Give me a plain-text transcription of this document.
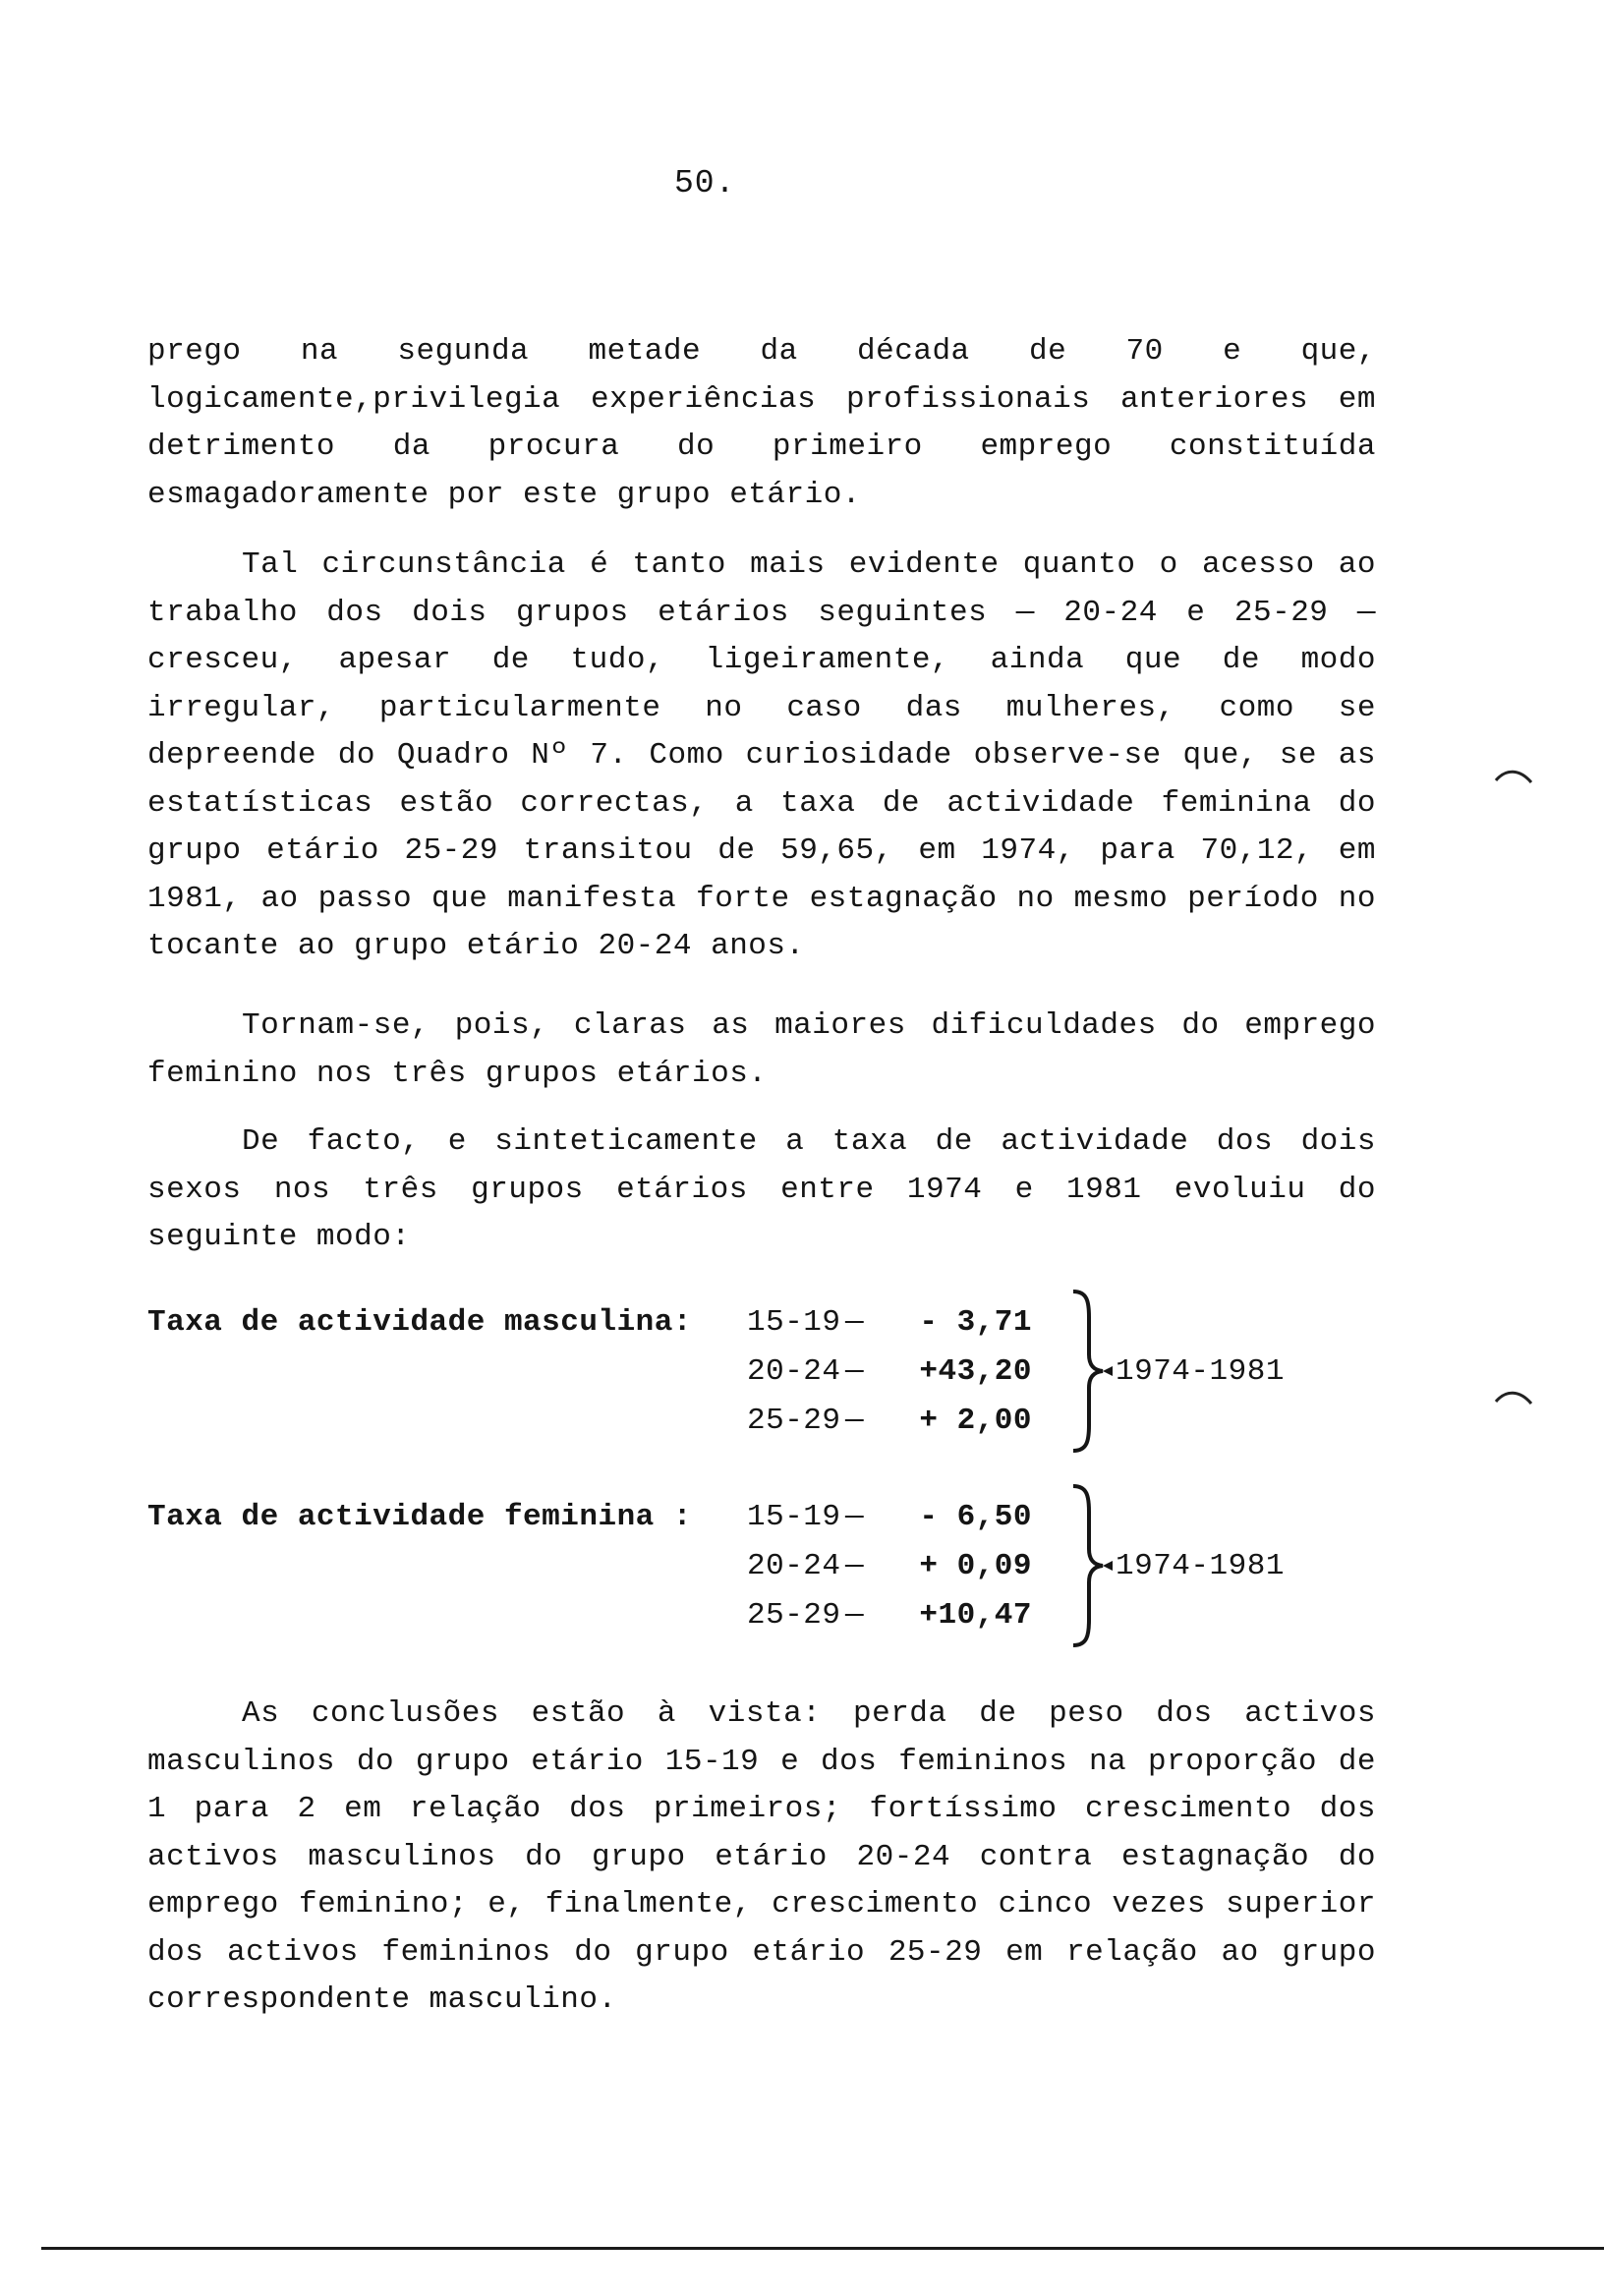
50.

prego na segunda metade da década de 70 e que, logicamente,privilegia experiências profissionais anteriores em detrimento da procura do primeiro emprego constituída esmagadoramente por este grupo etário.

Tal circunstância é tanto mais evidente quanto o acesso ao trabalho dos dois grupos etários seguintes — 20-24 e 25-29 — cresceu, apesar de tudo, ligeiramente, ainda que de modo irregular, particularmente no caso das mulheres, como se depreende do Quadro Nº 7. Como curiosidade observe-se que, se as estatísticas estão correctas, a taxa de actividade feminina do grupo etário 25-29 transitou de 59,65, em 1974, para 70,12, em 1981, ao passo que manifesta forte estagnação no mesmo período no tocante ao grupo etário 20-24 anos.

Tornam-se, pois, claras as maiores dificuldades do emprego feminino nos três grupos etários.

De facto, e sinteticamente a taxa de actividade dos dois sexos nos três grupos etários entre 1974 e 1981 evoluiu do seguinte modo:

Taxa de actividade masculina: 15-19 — - 3,71
20-24 — +43,20
25-29 — + 2,00
1974-1981
Taxa de actividade feminina : 15-19 — - 6,50
20-24 — + 0,09
25-29 — +10,47
1974-1981

As conclusões estão à vista: perda de peso dos activos masculinos do grupo etário 15-19 e dos femininos na proporção de 1 para 2 em relação dos primeiros; fortíssimo crescimento dos activos masculinos do grupo etário 20-24 contra estagnação do emprego feminino; e, finalmente, crescimento cinco vezes superior dos activos femininos do grupo etário 25-29 em relação ao grupo correspondente masculino.
